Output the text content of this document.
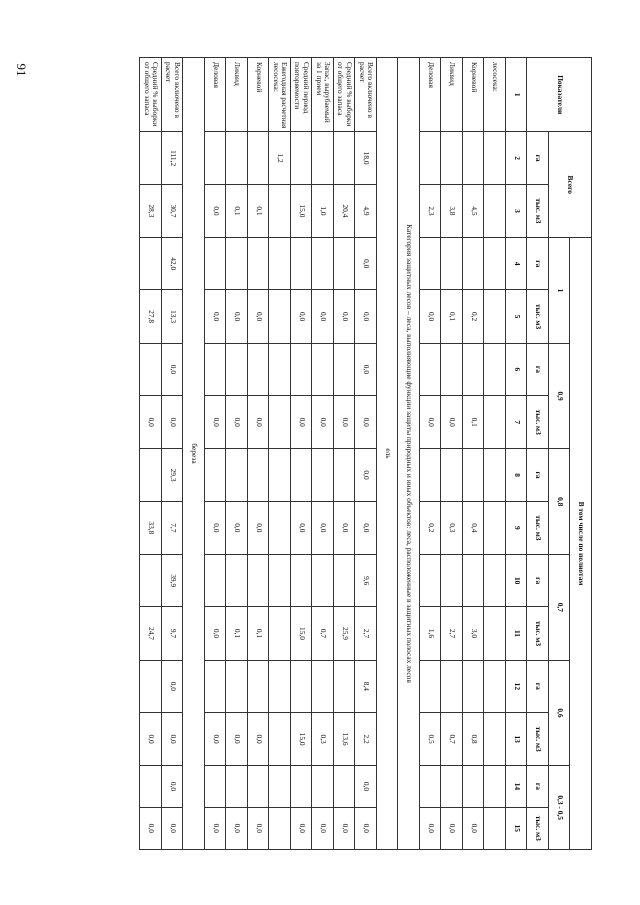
91
Показатели	Всего		В том числе по полнотам											
			1		0,9		0,8		0,7		0,6		0,3 - 0,5	
	га	тыс. м3	га	тыс. м3	га	тыс. м3	га	тыс. м3	га	тыс. м3	га	тыс. м3	га	тыс. м3
1	2	3	4	5	6	7	8	9	10	11	12	13	14	15
лесосека:														
Корневой		4,5		0,2		0,1		0,4		3,0		0,8		0,0
Ликвид		3,8		0,1		0,0		0,3		2,7		0,7		0,0
Деловая		2,3		0,0		0,0		0,2		1,6		0,5		0,0
Категория защитных лесов – леса, выполняющие функции защиты природных и иных объектов: леса, расположенные в защитных полосах лесов														
ель														
Всего включено в расчет	18,0	4,9	0,0	0,0	0,0	0,0	0,0	0,0	9,6	2,7	8,4	2,2	0,0	0,0
Средний % выборки от общего запаса		20,4		0,0		0,0		0,0		25,9		13,6		0,0
Запас, вырубаемый за 1 прием		1,0		0,0		0,0		0,0		0,7		0,3		0,0
Средний период повторяемости		15,0		0,0		0,0		0,0		15,0		15,0		0,0
Ежегодная расчетная лесосека:	1,2													
Корневой		0,1		0,0		0,0		0,0		0,1		0,0		0,0
Ликвид		0,1		0,0		0,0		0,0		0,1		0,0		0,0
Деловая		0,0		0,0		0,0		0,0		0,0		0,0		0,0
береза														
Всего включено в расчет	111,2	30,7	42,0	13,3	0,0	0,0	29,3	7,7	39,9	9,7	0,0	0,0	0,0	0,0
Средний % выборки от общего запаса		28,3		27,8		0,0		33,8		24,7		0,0		0,0
